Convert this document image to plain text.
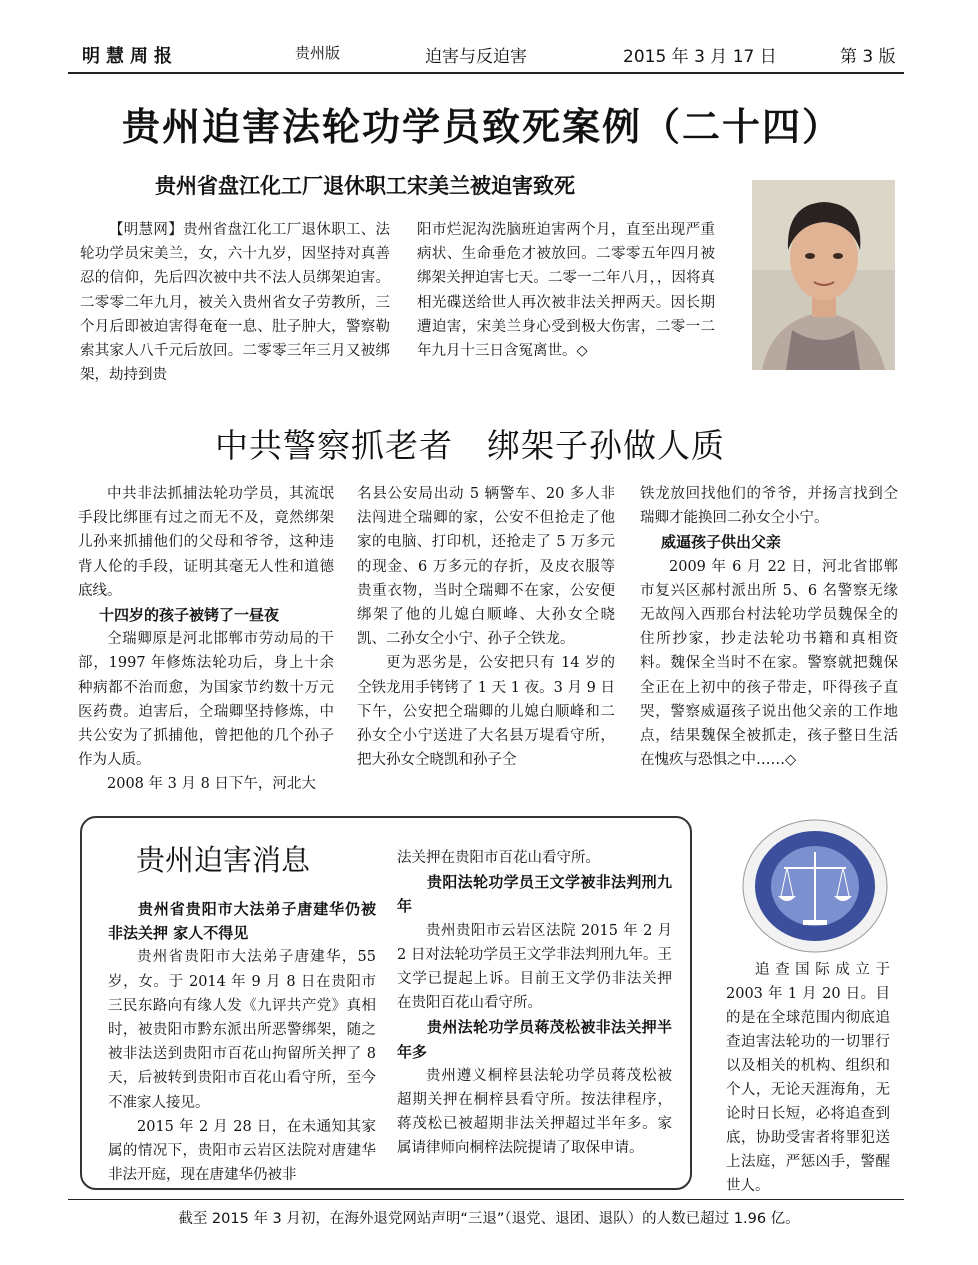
明慧周报	贵州版	迫害与反迫害	2015 年 3 月 17 日	第 3 版
贵州迫害法轮功学员致死案例（二十四）
贵州省盘江化工厂退休职工宋美兰被迫害致死

【明慧网】贵州省盘江化工厂退休职工、法轮功学员宋美兰，女，六十九岁，因坚持对真善忍的信仰，先后四次被中共不法人员绑架迫害。二零零二年九月，被关入贵州省女子劳教所，三个月后即被迫害得奄奄一息、肚子肿大，警察勒索其家人八千元后放回。二零零三年三月又被绑架，劫持到贵

阳市烂泥沟洗脑班迫害两个月，直至出现严重病状、生命垂危才被放回。二零零五年四月被绑架关押迫害七天。二零一二年八月，，因将真相光碟送给世人再次被非法关押两天。因长期遭迫害，宋美兰身心受到极大伤害，二零一二年九月十三日含冤离世。◇

中共警察抓老者　绑架子孙做人质

中共非法抓捕法轮功学员，其流氓手段比绑匪有过之而无不及，竟然绑架儿孙来抓捕他们的父母和爷爷，这种违背人伦的手段，证明其毫无人性和道德底线。

十四岁的孩子被铐了一昼夜

仝瑞卿原是河北邯郸市劳动局的干部，1997 年修炼法轮功后，身上十余种病都不治而愈，为国家节约数十万元医药费。迫害后，仝瑞卿坚持修炼，中共公安为了抓捕他，曾把他的几个孙子作为人质。

2008 年 3 月 8 日下午，河北大

名县公安局出动 5 辆警车、20 多人非法闯进仝瑞卿的家，公安不但抢走了他家的电脑、打印机，还抢走了 5 万多元的现金、6 万多元的存折，及皮衣服等贵重衣物，当时仝瑞卿不在家，公安便绑架了他的儿媳白顺峰、大孙女仝晓凯、二孙女仝小宁、孙子仝铁龙。

更为恶劣是，公安把只有 14 岁的仝铁龙用手铐铐了 1 天 1 夜。3 月 9 日下午，公安把仝瑞卿的儿媳白顺峰和二孙女仝小宁送进了大名县万堤看守所，把大孙女仝晓凯和孙子仝

铁龙放回找他们的爷爷，并扬言找到仝瑞卿才能换回二孙女仝小宁。

威逼孩子供出父亲

2009 年 6 月 22 日，河北省邯郸市复兴区郝村派出所 5、6 名警察无缘无故闯入西那台村法轮功学员魏保全的住所抄家，抄走法轮功书籍和真相资料。魏保全当时不在家。警察就把魏保全正在上初中的孩子带走，吓得孩子直哭，警察威逼孩子说出他父亲的工作地点，结果魏保全被抓走，孩子整日生活在愧疚与恐惧之中……◇

贵州迫害消息

贵州省贵阳市大法弟子唐建华仍被非法关押 家人不得见

贵州省贵阳市大法弟子唐建华，55 岁，女。于 2014 年 9 月 8 日在贵阳市三民东路向有缘人发《九评共产党》真相时，被贵阳市黔东派出所恶警绑架，随之被非法送到贵阳市百花山拘留所关押了 8 天，后被转到贵阳市百花山看守所，至今不准家人接见。

2015 年 2 月 28 日，在未通知其家属的情况下，贵阳市云岩区法院对唐建华非法开庭，现在唐建华仍被非

法关押在贵阳市百花山看守所。

贵阳法轮功学员王文学被非法判刑九年

贵州贵阳市云岩区法院 2015 年 2 月 2 日对法轮功学员王文学非法判刑九年。王文学已提起上诉。目前王文学仍非法关押在贵阳百花山看守所。

贵州法轮功学员蒋茂松被非法关押半年多

贵州遵义桐梓县法轮功学员蒋茂松被超期关押在桐梓县看守所。按法律程序，蒋茂松已被超期非法关押超过半年多。家属请律师向桐梓法院提请了取保申请。

追查国际成立于 2003 年 1 月 20 日。目的是在全球范围内彻底追查迫害法轮功的一切罪行以及相关的机构、组织和个人，无论天涯海角，无论时日长短，必将追查到底，协助受害者将罪犯送上法庭，严惩凶手，警醒世人。

截至 2015 年 3 月初，在海外退党网站声明“三退”（退党、退团、退队）的人数已超过 1.96 亿。
